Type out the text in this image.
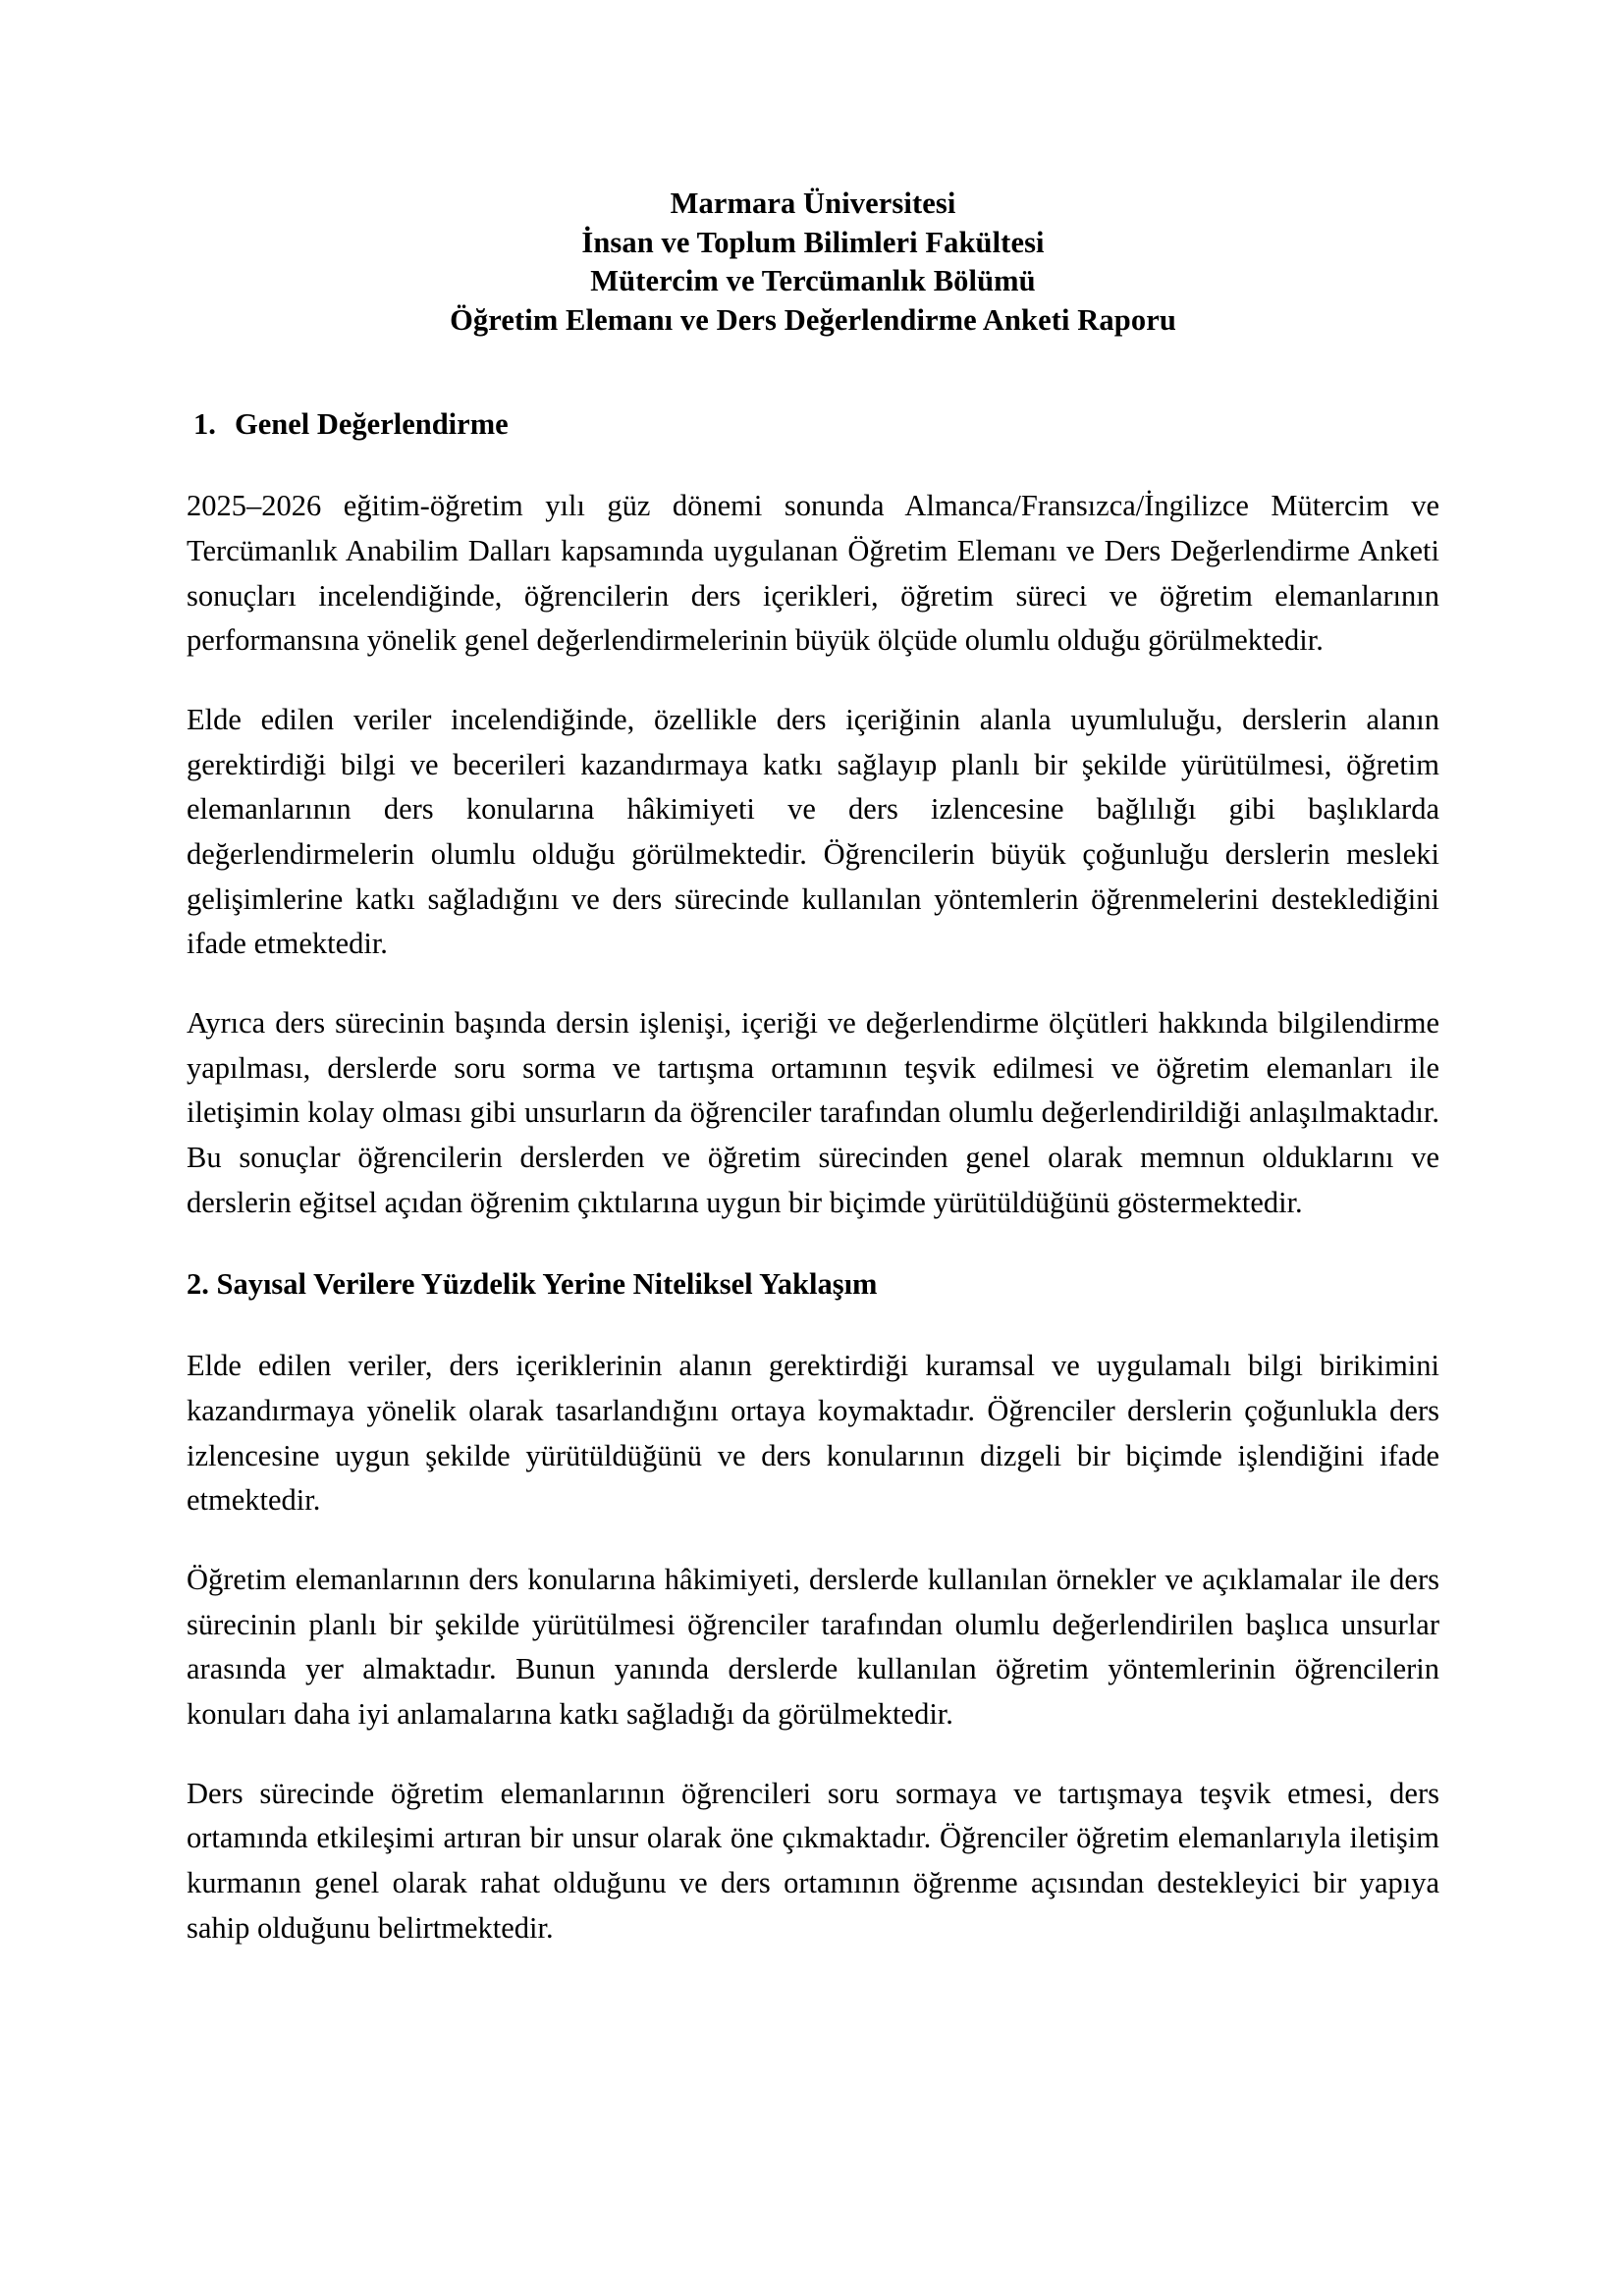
Marmara Üniversitesi
İnsan ve Toplum Bilimleri Fakültesi
Mütercim ve Tercümanlık Bölümü
Öğretim Elemanı ve Ders Değerlendirme Anketi Raporu
1. Genel Değerlendirme

2025–2026 eğitim-öğretim yılı güz dönemi sonunda Almanca/Fransızca/İngilizce Mütercim ve Tercümanlık Anabilim Dalları kapsamında uygulanan Öğretim Elemanı ve Ders Değerlendirme Anketi sonuçları incelendiğinde, öğrencilerin ders içerikleri, öğretim süreci ve öğretim elemanlarının performansına yönelik genel değerlendirmelerinin büyük ölçüde olumlu olduğu görülmektedir.

Elde edilen veriler incelendiğinde, özellikle ders içeriğinin alanla uyumluluğu, derslerin alanın gerektirdiği bilgi ve becerileri kazandırmaya katkı sağlayıp planlı bir şekilde yürütülmesi, öğretim elemanlarının ders konularına hâkimiyeti ve ders izlencesine bağlılığı gibi başlıklarda değerlendirmelerin olumlu olduğu görülmektedir. Öğrencilerin büyük çoğunluğu derslerin mesleki gelişimlerine katkı sağladığını ve ders sürecinde kullanılan yöntemlerin öğrenmelerini desteklediğini ifade etmektedir.

Ayrıca ders sürecinin başında dersin işlenişi, içeriği ve değerlendirme ölçütleri hakkında bilgilendirme yapılması, derslerde soru sorma ve tartışma ortamının teşvik edilmesi ve öğretim elemanları ile iletişimin kolay olması gibi unsurların da öğrenciler tarafından olumlu değerlendirildiği anlaşılmaktadır. Bu sonuçlar öğrencilerin derslerden ve öğretim sürecinden genel olarak memnun olduklarını ve derslerin eğitsel açıdan öğrenim çıktılarına uygun bir biçimde yürütüldüğünü göstermektedir.

2. Sayısal Verilere Yüzdelik Yerine Niteliksel Yaklaşım

Elde edilen veriler, ders içeriklerinin alanın gerektirdiği kuramsal ve uygulamalı bilgi birikimini kazandırmaya yönelik olarak tasarlandığını ortaya koymaktadır. Öğrenciler derslerin çoğunlukla ders izlencesine uygun şekilde yürütüldüğünü ve ders konularının dizgeli bir biçimde işlendiğini ifade etmektedir.

Öğretim elemanlarının ders konularına hâkimiyeti, derslerde kullanılan örnekler ve açıklamalar ile ders sürecinin planlı bir şekilde yürütülmesi öğrenciler tarafından olumlu değerlendirilen başlıca unsurlar arasında yer almaktadır. Bunun yanında derslerde kullanılan öğretim yöntemlerinin öğrencilerin konuları daha iyi anlamalarına katkı sağladığı da görülmektedir.

Ders sürecinde öğretim elemanlarının öğrencileri soru sormaya ve tartışmaya teşvik etmesi, ders ortamında etkileşimi artıran bir unsur olarak öne çıkmaktadır. Öğrenciler öğretim elemanlarıyla iletişim kurmanın genel olarak rahat olduğunu ve ders ortamının öğrenme açısından destekleyici bir yapıya sahip olduğunu belirtmektedir.
